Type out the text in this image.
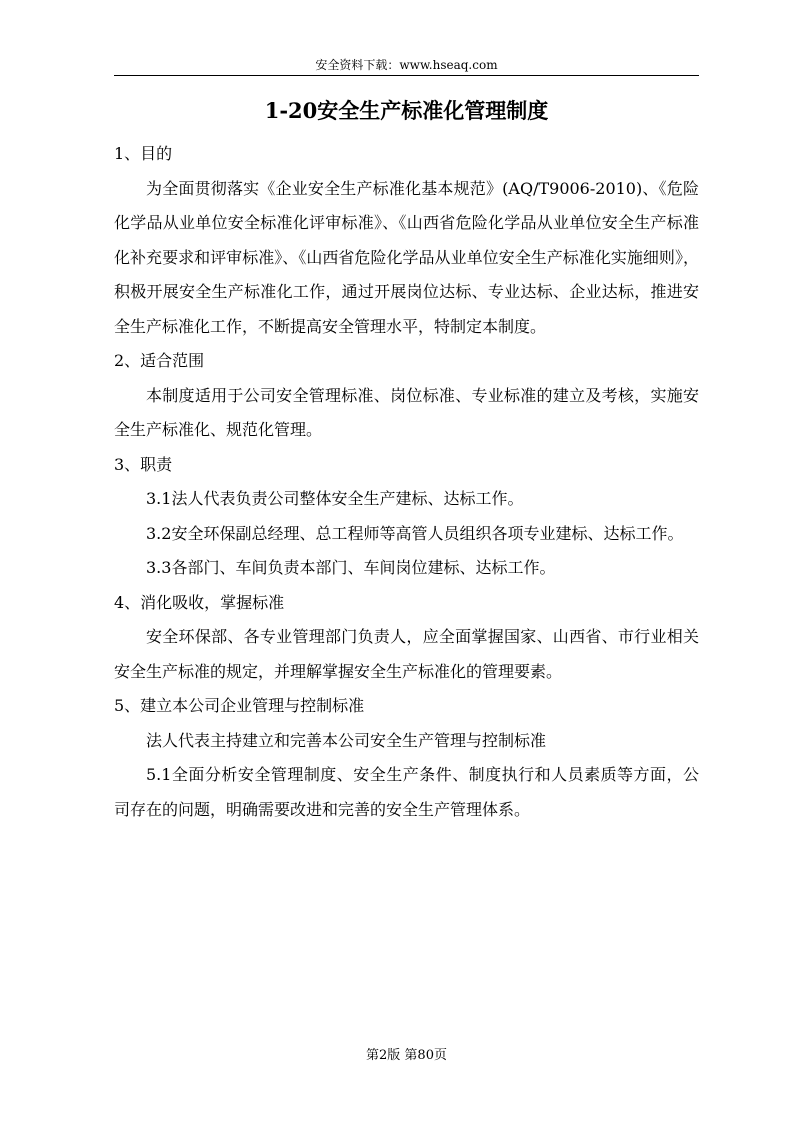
安全资料下载：www.hseaq.com
1-20安全生产标准化管理制度

1、目的

为全面贯彻落实《企业安全生产标准化基本规范》(AQ/T9006-2010)、《危险化学品从业单位安全标准化评审标准》、《山西省危险化学品从业单位安全生产标准化补充要求和评审标准》、《山西省危险化学品从业单位安全生产标准化实施细则》，积极开展安全生产标准化工作，通过开展岗位达标、专业达标、企业达标，推进安全生产标准化工作，不断提高安全管理水平，特制定本制度。

2、适合范围

本制度适用于公司安全管理标准、岗位标准、专业标准的建立及考核，实施安全生产标准化、规范化管理。

3、职责

3.1法人代表负责公司整体安全生产建标、达标工作。

3.2安全环保副总经理、总工程师等高管人员组织各项专业建标、达标工作。

3.3各部门、车间负责本部门、车间岗位建标、达标工作。

4、消化吸收，掌握标准

安全环保部、各专业管理部门负责人，应全面掌握国家、山西省、市行业相关安全生产标准的规定，并理解掌握安全生产标准化的管理要素。

5、建立本公司企业管理与控制标准

法人代表主持建立和完善本公司安全生产管理与控制标准

5.1全面分析安全管理制度、安全生产条件、制度执行和人员素质等方面，公司存在的问题，明确需要改进和完善的安全生产管理体系。

第2版 第80页
